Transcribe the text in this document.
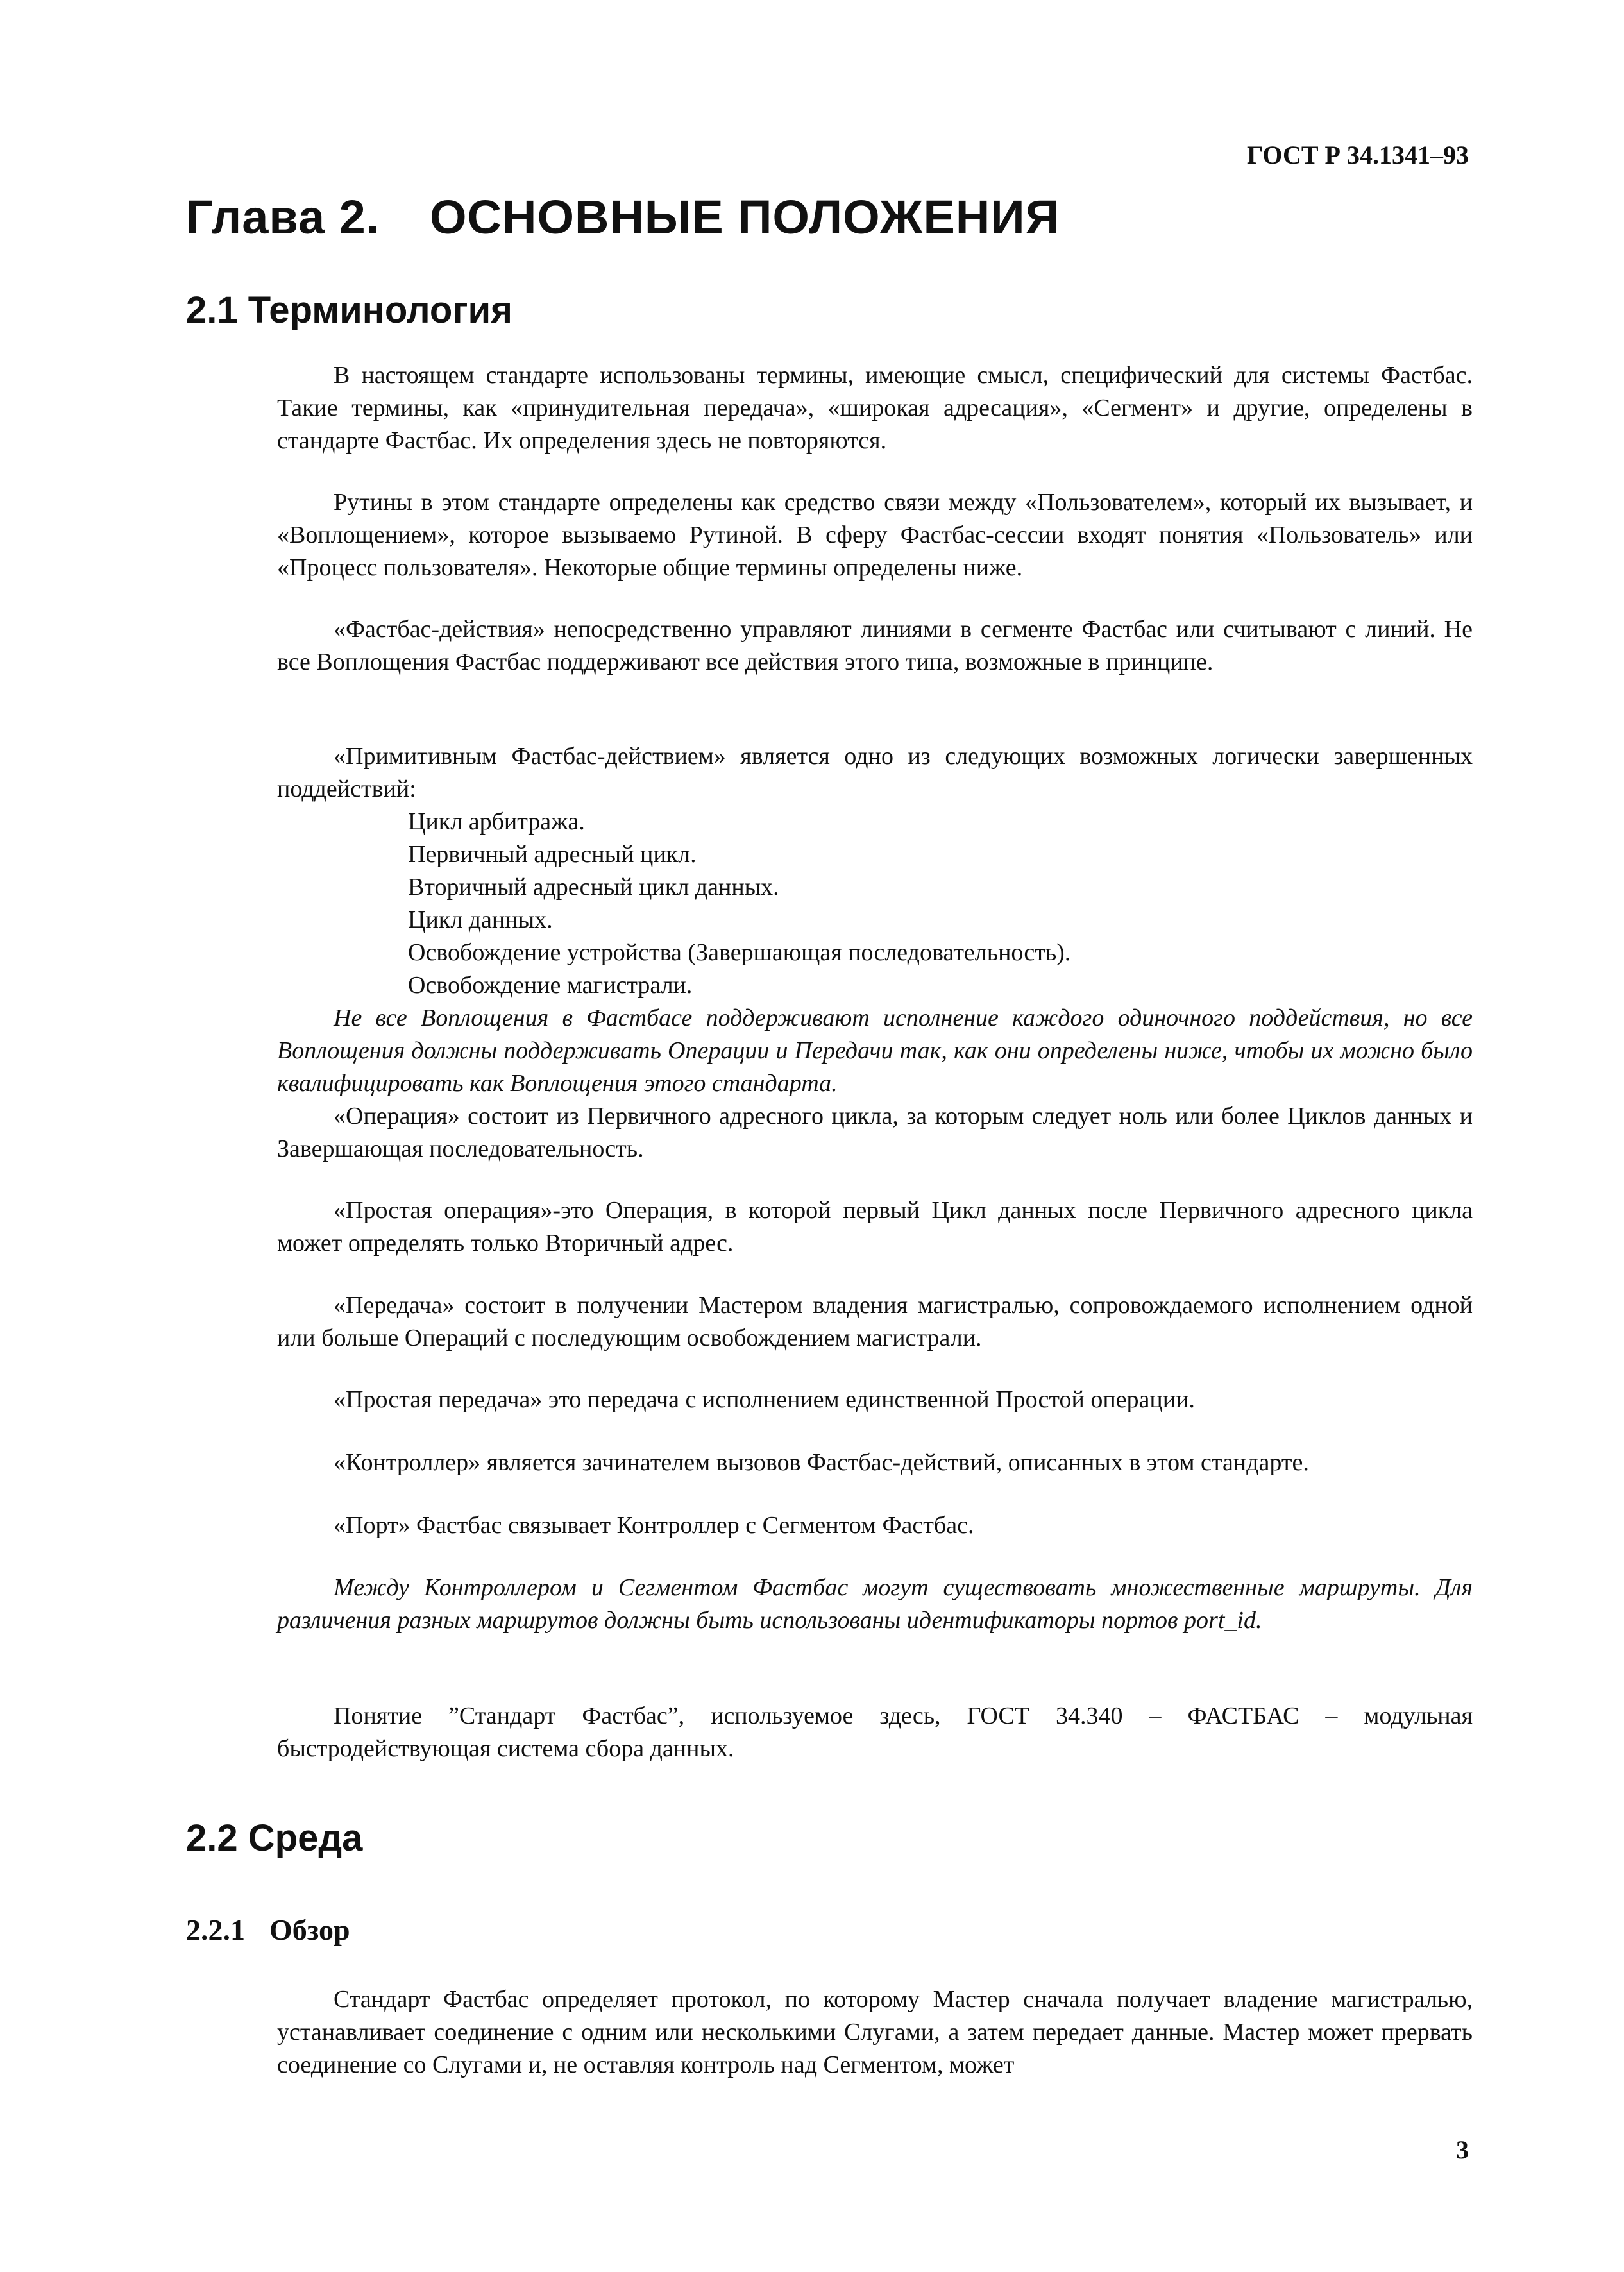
ГОСТ Р 34.1341–93
Глава 2. ОСНОВНЫЕ ПОЛОЖЕНИЯ
2.1 Терминология
В настоящем стандарте использованы термины, имеющие смысл, специфический для системы Фастбас. Такие термины, как «принудительная передача», «широкая адресация», «Сегмент» и другие, определены в стандарте Фастбас. Их определения здесь не повторяются.
Рутины в этом стандарте определены как средство связи между «Пользователем», который их вызывает, и «Воплощением», которое вызываемо Рутиной. В сферу Фастбас-сессии входят понятия «Пользователь» или «Процесс пользователя». Некоторые общие термины определены ниже.
«Фастбас-действия» непосредственно управляют линиями в сегменте Фастбас или считывают с линий. Не все Воплощения Фастбас поддерживают все действия этого типа, возможные в принципе.
«Примитивным Фастбас-действием» является одно из следующих возможных логически завершенных поддействий:
Цикл арбитража.
Первичный адресный цикл.
Вторичный адресный цикл данных.
Цикл данных.
Освобождение устройства (Завершающая последовательность).
Освобождение магистрали.
Не все Воплощения в Фастбасе поддерживают исполнение каждого одиночного поддействия, но все Воплощения должны поддерживать Операции и Передачи так, как они определены ниже, чтобы их можно было квалифицировать как Воплощения этого стандарта.
«Операция» состоит из Первичного адресного цикла, за которым следует ноль или более Циклов данных и Завершающая последовательность.
«Простая операция»-это Операция, в которой первый Цикл данных после Первичного адресного цикла может определять только Вторичный адрес.
«Передача» состоит в получении Мастером владения магистралью, сопровождаемого исполнением одной или больше Операций с последующим освобождением магистрали.
«Простая передача» это передача с исполнением единственной Простой операции.
«Контроллер» является зачинателем вызовов Фастбас-действий, описанных в этом стандарте.
«Порт» Фастбас связывает Контроллер с Сегментом Фастбас.
Между Контроллером и Сегментом Фастбас могут существовать множественные маршруты. Для различения разных маршрутов должны быть использованы идентификаторы портов port_id.
Понятие ”Стандарт Фастбас”, используемое здесь, ГОСТ 34.340 – ФАСТБАС – модульная быстродействующая система сбора данных.
2.2 Среда
2.2.1 Обзор
Стандарт Фастбас определяет протокол, по которому Мастер сначала получает владение магистралью, устанавливает соединение с одним или несколькими Слугами, а затем передает данные. Мастер может прервать соединение со Слугами и, не оставляя контроль над Сегментом, может
3
